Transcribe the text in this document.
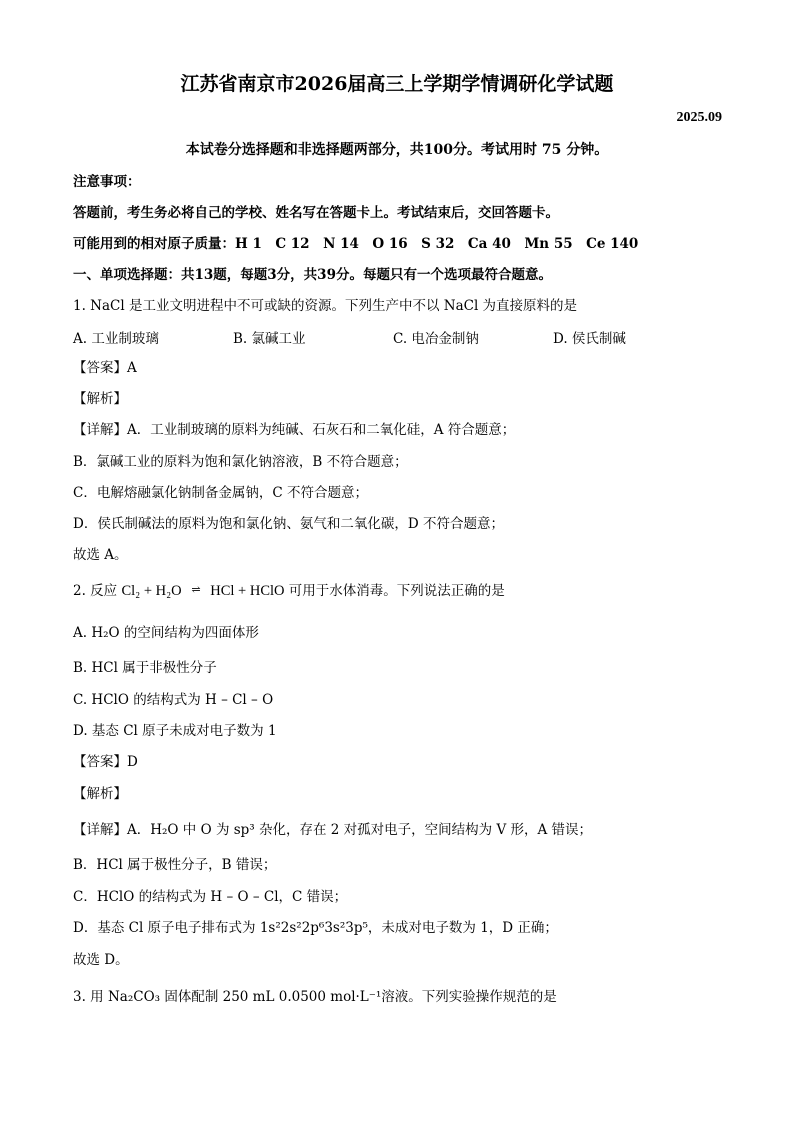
江苏省南京市2026届高三上学期学情调研化学试题
2025.09
本试卷分选择题和非选择题两部分，共100分。考试用时 75 分钟。
注意事项：
答题前，考生务必将自己的学校、姓名写在答题卡上。考试结束后，交回答题卡。
可能用到的相对原子质量：H 1　C 12　N 14　O 16　S 32　Ca 40　Mn 55　Ce 140
一、单项选择题：共13题，每题3分，共39分。每题只有一个选项最符合题意。
1. NaCl 是工业文明进程中不可或缺的资源。下列生产中不以 NaCl 为直接原料的是
A. 工业制玻璃	B. 氯碱工业	C. 电冶金制钠	D. 侯氏制碱
【答案】A
【解析】
【详解】A．工业制玻璃的原料为纯碱、石灰石和二氧化硅，A 符合题意；
B．氯碱工业的原料为饱和氯化钠溶液，B 不符合题意；
C．电解熔融氯化钠制备金属钠，C 不符合题意；
D．侯氏制碱法的原料为饱和氯化钠、氨气和二氧化碳，D 不符合题意；
故选 A。
2. 反应 Cl₂ + H₂O ⇌ HCl + HClO 可用于水体消毒。下列说法正确的是
A. H₂O 的空间结构为四面体形
B. HCl 属于非极性分子
C. HClO 的结构式为 H – Cl – O
D. 基态 Cl 原子未成对电子数为 1
【答案】D
【解析】
【详解】A．H₂O 中 O 为 sp³ 杂化，存在 2 对孤对电子，空间结构为 V 形，A 错误；
B．HCl 属于极性分子，B 错误；
C．HClO 的结构式为 H – O – Cl，C 错误；
D．基态 Cl 原子电子排布式为 1s²2s²2p⁶3s²3p⁵，未成对电子数为 1，D 正确；
故选 D。
3. 用 Na₂CO₃ 固体配制 250 mL 0.0500 mol·L⁻¹溶液。下列实验操作规范的是
